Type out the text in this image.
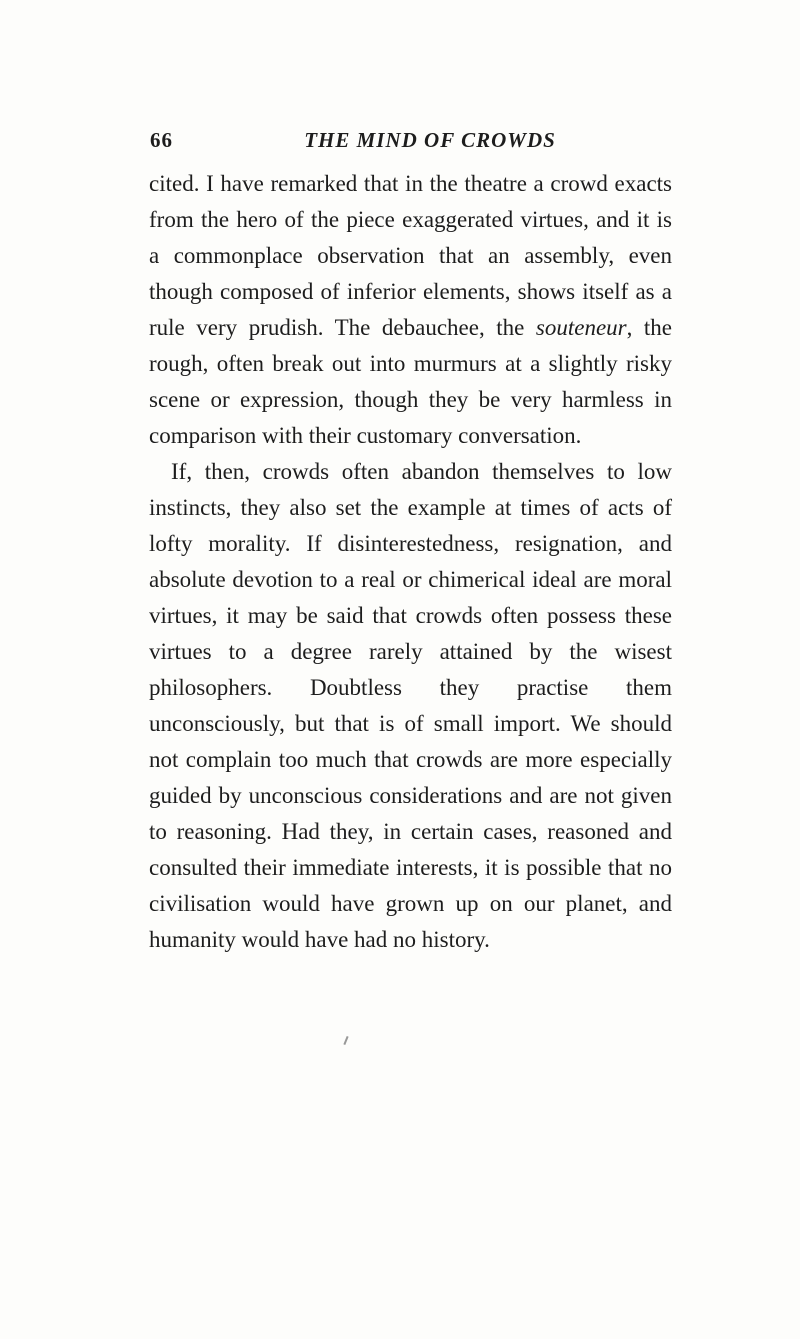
66	THE MIND OF CROWDS

cited. I have remarked that in the theatre a crowd exacts from the hero of the piece exaggerated virtues, and it is a commonplace observation that an assembly, even though composed of inferior elements, shows itself as a rule very prudish. The debauchee, the souteneur, the rough, often break out into murmurs at a slightly risky scene or expression, though they be very harmless in comparison with their customary conversation.

If, then, crowds often abandon themselves to low instincts, they also set the example at times of acts of lofty morality. If disinterestedness, resignation, and absolute devotion to a real or chimerical ideal are moral virtues, it may be said that crowds often possess these virtues to a degree rarely attained by the wisest philosophers. Doubtless they practise them unconsciously, but that is of small import. We should not complain too much that crowds are more especially guided by unconscious considerations and are not given to reasoning. Had they, in certain cases, reasoned and consulted their immediate interests, it is possible that no civilisation would have grown up on our planet, and humanity would have had no history.
